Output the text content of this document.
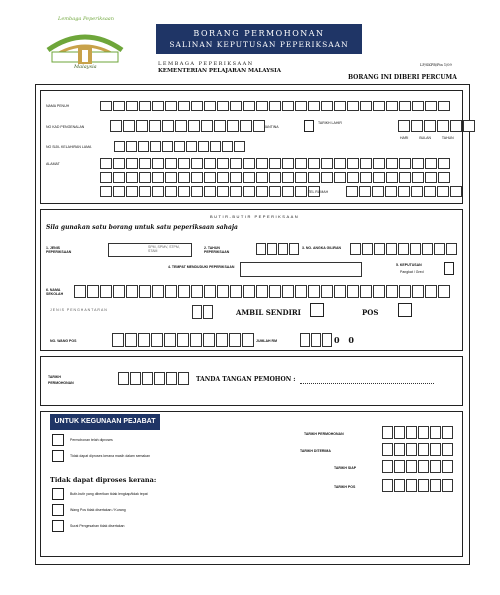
Lembaga Peperiksaan
Malaysia
BORANG PERMOHONAN
SALINAN KEPUTUSAN PEPERIKSAAN
LEMBAGA PEPERIKSAAN
KEMENTERIAN PELAJARAN MALAYSIA
LP/SKPB/Pin 1/09
BORANG INI DIBERI PERCUMA
NAMA PENUH
NO KAD PENGENALAN	JANTINA
TARIKH LAHIR
HARI BULAN TAHUN
NO SIJIL KELAHIRAN LAMA
ALAMAT
TEL RUMAH
BUTIR-BUTIR PEPERIKSAAN
Sila gunakan satu borang untuk satu peperiksaan sahaja
1. JENIS PEPERIKSAAN
SPM, SPMV, STPM, STAM
2. TAHUN PEPERIKSAAN
3. NO. ANGKA GILIRAN
4. TEMPAT MENDUDUKI PEPERIKSAAN	5. KEPUTUSAN
Pangkat / Gred
6. NAMA SEKOLAH
JENIS PENGHANTARAN	AMBIL SENDIRI	POS
NO. WANG POS	JUMLAH RM	0 0
TARIKH PERMOHONAN	TANDA TANGAN PEMOHON :
UNTUK KEGUNAAN PEJABAT
Permohonan telah diproses
Tidak dapat diproses kerana masih dalam semakan
Tidak dapat diproses kerana:
Butir-butir yang diberikan tidak lengkap/tidak tepat
Wang Pos tidak disertakan / Kurang
Surat Pengesahan tidak disertakan
TARIKH PERMOHONAN
TARIKH DITERIMA
TARIKH SIAP
TARIKH POS
